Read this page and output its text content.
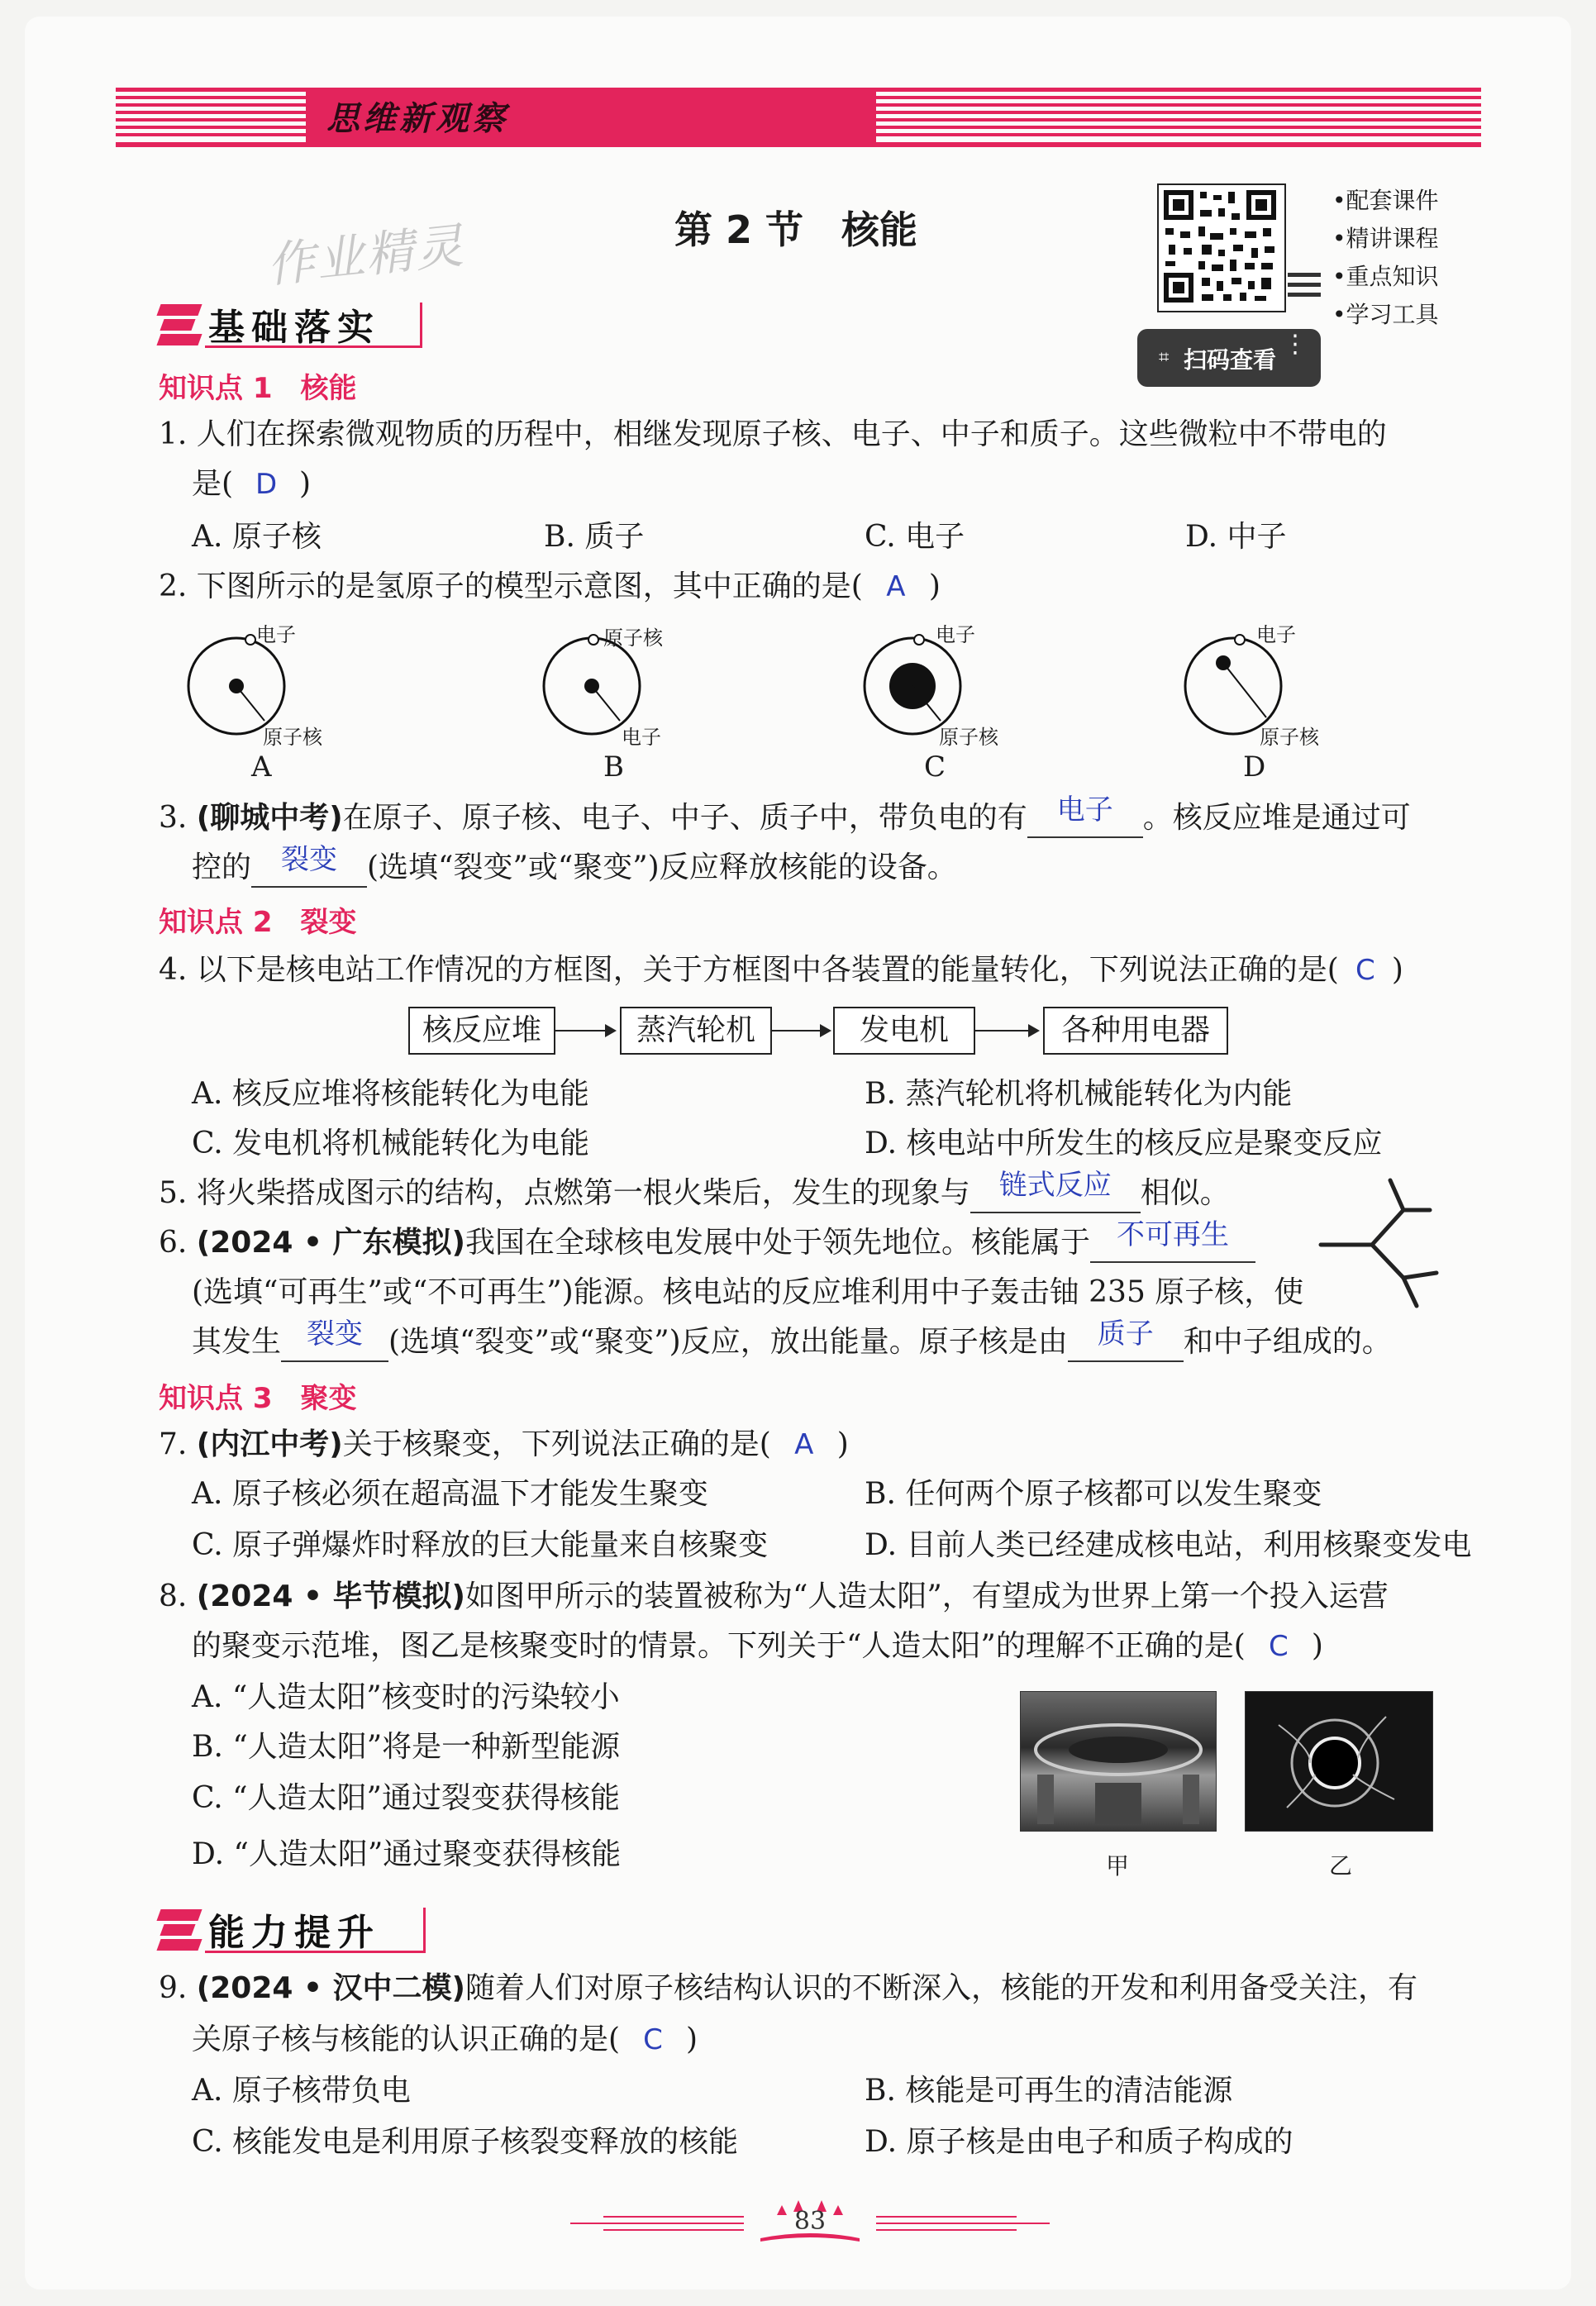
思维新观察
作业精灵	第 2 节　核能
•配套课件
•精讲课程
•重点知识
•学习工具
⌗ 扫码查看
⋮
基础落实
知识点 1　核能
1. 人们在探索微观物质的历程中，相继发现原子核、电子、中子和质子。这些微粒中不带电的
是( D )
A. 原子核	B. 质子	C. 电子	D. 中子
2. 下图所示的是氢原子的模型示意图，其中正确的是( A )
电子
原子核
A
原子核
电子
B
电子
原子核
C
电子
原子核
D
3. (聊城中考)在原子、原子核、电子、中子、质子中，带负电的有	电子	。核反应堆是通过可
控的	裂变	(选填“裂变”或“聚变”)反应释放核能的设备。
知识点 2　裂变
4. 以下是核电站工作情况的方框图，关于方框图中各装置的能量转化，下列说法正确的是( C )
核反应堆	蒸汽轮机	发电机	各种用电器
A. 核反应堆将核能转化为电能	B. 蒸汽轮机将机械能转化为内能
C. 发电机将机械能转化为电能	D. 核电站中所发生的核反应是聚变反应
5. 将火柴搭成图示的结构，点燃第一根火柴后，发生的现象与	链式反应 相似。
6. (2024 • 广东模拟)我国在全球核电发展中处于领先地位。核能属于 不可再生
(选填“可再生”或“不可再生”)能源。核电站的反应堆利用中子轰击铀 235 原子核，使
其发生 裂变 (选填“裂变”或“聚变”)反应，放出能量。原子核是由	质子	和中子组成的。
知识点 3　聚变
7. (内江中考)关于核聚变，下列说法正确的是( A )
A. 原子核必须在超高温下才能发生聚变	B. 任何两个原子核都可以发生聚变
C. 原子弹爆炸时释放的巨大能量来自核聚变	D. 目前人类已经建成核电站，利用核聚变发电
8. (2024 • 毕节模拟)如图甲所示的装置被称为“人造太阳”，有望成为世界上第一个投入运营
的聚变示范堆，图乙是核聚变时的情景。下列关于“人造太阳”的理解不正确的是( C )
A. “人造太阳”核变时的污染较小
B. “人造太阳”将是一种新型能源
C. “人造太阳”通过裂变获得核能
D. “人造太阳”通过聚变获得核能	甲	乙
能力提升
9. (2024 • 汉中二模)随着人们对原子核结构认识的不断深入，核能的开发和利用备受关注，有
关原子核与核能的认识正确的是( C )
A. 原子核带负电	B. 核能是可再生的清洁能源
C. 核能发电是利用原子核裂变释放的核能	D. 原子核是由电子和质子构成的
83
